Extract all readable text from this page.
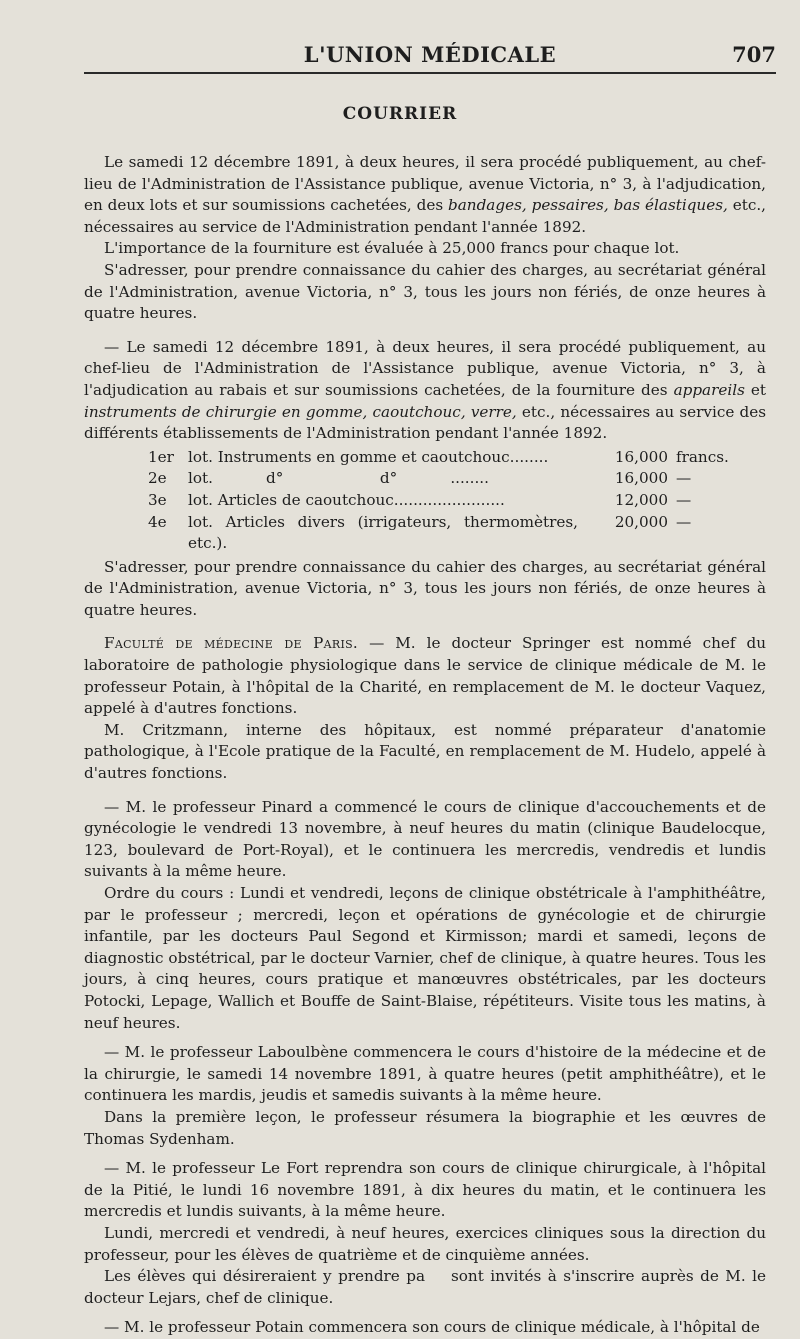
L'UNION MÉDICALE	707
COURRIER

Le samedi 12 décembre 1891, à deux heures, il sera procédé publiquement, au chef-lieu de l'Administration de l'Assistance publique, avenue Victoria, n° 3, à l'adjudication, en deux lots et sur soumissions cachetées, des bandages, pessaires, bas élastiques, etc., nécessaires au service de l'Administration pendant l'année 1892.

L'importance de la fourniture est évaluée à 25,000 francs pour chaque lot.

S'adresser, pour prendre connaissance du cahier des charges, au secrétariat général de l'Administration, avenue Victoria, n° 3, tous les jours non fériés, de onze heures à quatre heures.

— Le samedi 12 décembre 1891, à deux heures, il sera procédé publiquement, au chef-lieu de l'Administration de l'Assistance publique, avenue Victoria, n° 3, à l'adjudication au rabais et sur soumissions cachetées, de la fourniture des appareils et instruments de chirurgie en gomme, caoutchouc, verre, etc., nécessaires au service des différents établissements de l'Administration pendant l'année 1892.

1er	lot. Instruments en gomme et caoutchouc........	16,000	francs.
2e	lot.           d°                    d°           ........	16,000	—
3e	lot. Articles de caoutchouc.......................	12,000	—
4e	lot. Articles divers (irrigateurs, thermomètres, etc.).	20,000	—

S'adresser, pour prendre connaissance du cahier des charges, au secrétariat général de l'Administration, avenue Victoria, n° 3, tous les jours non fériés, de onze heures à quatre heures.

Faculté de médecine de Paris. — M. le docteur Springer est nommé chef du laboratoire de pathologie physiologique dans le service de clinique médicale de M. le professeur Potain, à l'hôpital de la Charité, en remplacement de M. le docteur Vaquez, appelé à d'autres fonctions.

M. Critzmann, interne des hôpitaux, est nommé préparateur d'anatomie pathologique, à l'Ecole pratique de la Faculté, en remplacement de M. Hudelo, appelé à d'autres fonctions.

— M. le professeur Pinard a commencé le cours de clinique d'accouchements et de gynécologie le vendredi 13 novembre, à neuf heures du matin (clinique Baudelocque, 123, boulevard de Port-Royal), et le continuera les mercredis, vendredis et lundis suivants à la même heure.

Ordre du cours : Lundi et vendredi, leçons de clinique obstétricale à l'amphithéâtre, par le professeur ; mercredi, leçon et opérations de gynécologie et de chirurgie infantile, par les docteurs Paul Segond et Kirmisson; mardi et samedi, leçons de diagnostic obstétrical, par le docteur Varnier, chef de clinique, à quatre heures. Tous les jours, à cinq heures, cours pratique et manœuvres obstétricales, par les docteurs Potocki, Lepage, Wallich et Bouffe de Saint-Blaise, répétiteurs. Visite tous les matins, à neuf heures.

— M. le professeur Laboulbène commencera le cours d'histoire de la médecine et de la chirurgie, le samedi 14 novembre 1891, à quatre heures (petit amphithéâtre), et le continuera les mardis, jeudis et samedis suivants à la même heure.

Dans la première leçon, le professeur résumera la biographie et les œuvres de Thomas Sydenham.

— M. le professeur Le Fort reprendra son cours de clinique chirurgicale, à l'hôpital de la Pitié, le lundi 16 novembre 1891, à dix heures du matin, et le continuera les mercredis et lundis suivants, à la même heure.

Lundi, mercredi et vendredi, à neuf heures, exercices cliniques sous la direction du professeur, pour les élèves de quatrième et de cinquième années.

Les élèves qui désireraient y prendre pa    sont invités à s'inscrire auprès de M. le docteur Lejars, chef de clinique.

— M. le professeur Potain commencera son cours de clinique médicale, à l'hôpital de
